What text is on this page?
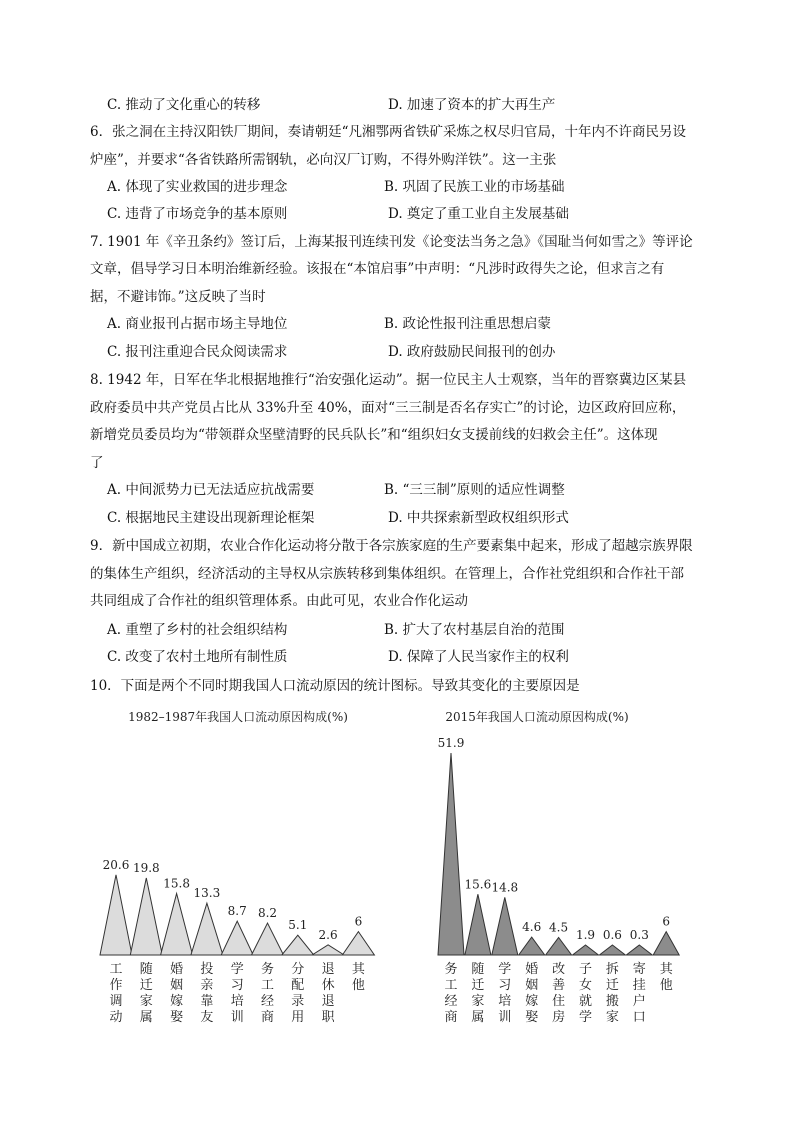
C. 推动了文化重心的转移	D. 加速了资本的扩大再生产
6．张之洞在主持汉阳铁厂期间，奏请朝廷“凡湘鄂两省铁矿采炼之权尽归官局，十年内不许商民另设
炉座”，并要求“各省铁路所需钢轨，必向汉厂订购，不得外购洋铁”。这一主张
A. 体现了实业救国的进步理念	B. 巩固了民族工业的市场基础
C. 违背了市场竞争的基本原则	D. 奠定了重工业自主发展基础
7. 1901 年《辛丑条约》签订后，上海某报刊连续刊发《论变法当务之急》《国耻当何如雪之》等评论
文章，倡导学习日本明治维新经验。该报在“本馆启事”中声明：“凡涉时政得失之论，但求言之有
据，不避讳饰。”这反映了当时
A. 商业报刊占据市场主导地位	B. 政论性报刊注重思想启蒙
C. 报刊注重迎合民众阅读需求	D. 政府鼓励民间报刊的创办
8. 1942 年，日军在华北根据地推行“治安强化运动”。据一位民主人士观察，当年的晋察冀边区某县
政府委员中共产党员占比从 33%升至 40%，面对“三三制是否名存实亡”的讨论，边区政府回应称，
新增党员委员均为“带领群众坚壁清野的民兵队长”和“组织妇女支援前线的妇救会主任”。这体现
了
A. 中间派势力已无法适应抗战需要	B. “三三制”原则的适应性调整
C. 根据地民主建设出现新理论框架	D. 中共探索新型政权组织形式
9．新中国成立初期，农业合作化运动将分散于各宗族家庭的生产要素集中起来，形成了超越宗族界限
的集体生产组织，经济活动的主导权从宗族转移到集体组织。在管理上，合作社党组织和合作社干部
共同组成了合作社的组织管理体系。由此可见，农业合作化运动
A. 重塑了乡村的社会组织结构	B. 扩大了农村基层自治的范围
C. 改变了农村土地所有制性质	D. 保障了人民当家作主的权利
10．下面是两个不同时期我国人口流动原因的统计图标。导致其变化的主要原因是
1982–1987年我国人口流动原因构成(%)	2015年我国人口流动原因构成(%)
20.6
工作调动
19.8
随迁家属
15.8
婚姻嫁娶
13.3
投亲靠友
8.7
学习培训
8.2
务工经商
5.1
分配录用
2.6
退休退职
6
其他
51.9
务工经商
15.6
随迁家属
14.8
学习培训
4.6
婚姻嫁娶
4.5
改善住房
1.9
子女就学
0.6
拆迁搬家
0.3
寄挂户口
6
其他
